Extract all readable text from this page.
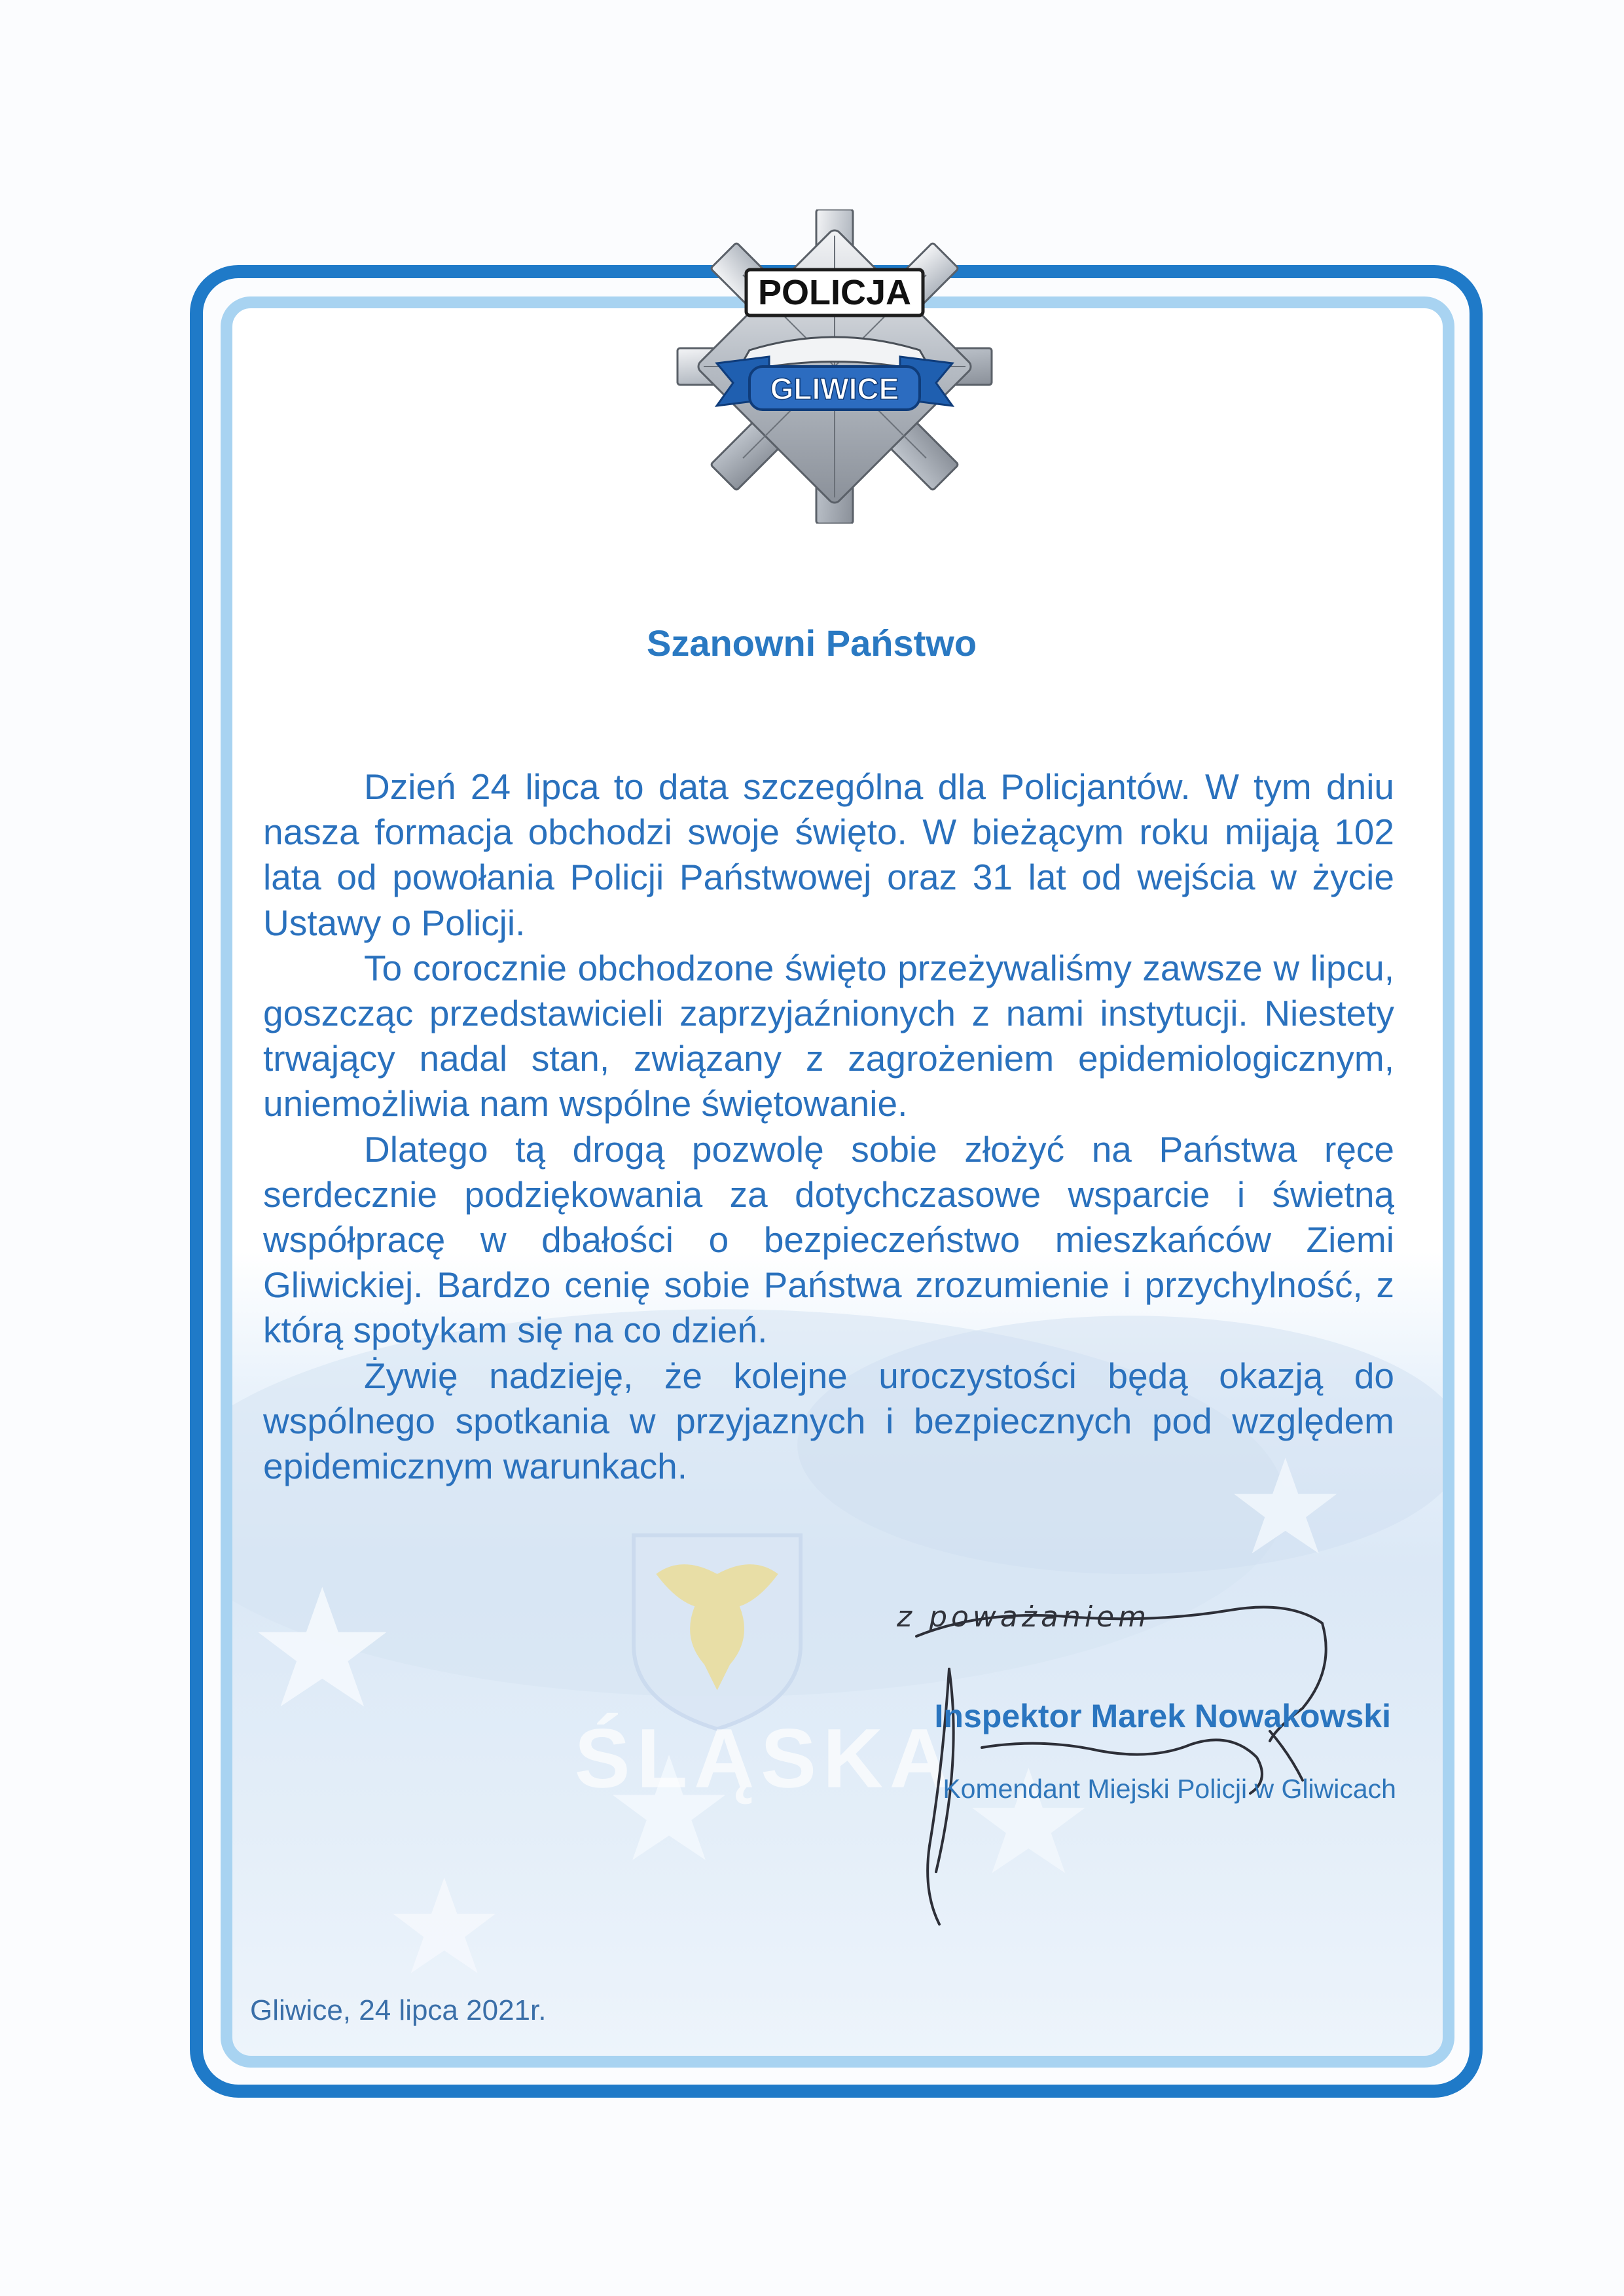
ŚLĄSKA
POLICJA
GLIWICE
Szanowni Państwo

Dzień 24 lipca to data szczególna dla Policjantów. W tym dniu nasza formacja obchodzi swoje święto. W bieżącym roku mijają 102 lata od powołania Policji Państwowej oraz 31 lat od wejścia w życie Ustawy o Policji.

To corocznie obchodzone święto przeżywaliśmy zawsze w lipcu, goszcząc przedstawicieli zaprzyjaźnionych z nami instytucji. Niestety trwający nadal stan, związany z zagrożeniem epidemiologicznym, uniemożliwia nam wspólne świętowanie.

Dlatego tą drogą pozwolę sobie złożyć na Państwa ręce serdecznie podziękowania za dotychczasowe wsparcie i świetną współpracę w dbałości o bezpieczeństwo mieszkańców Ziemi Gliwickiej. Bardzo cenię sobie Państwa zrozumienie i przychylność, z którą spotykam się na co dzień.

Żywię nadzieję, że kolejne uroczystości będą okazją do wspólnego spotkania w przyjaznych i bezpiecznych pod względem epidemicznym warunkach.

z poważaniem
Inspektor Marek Nowakowski
Komendant Miejski Policji w Gliwicach
Gliwice, 24 lipca 2021r.
